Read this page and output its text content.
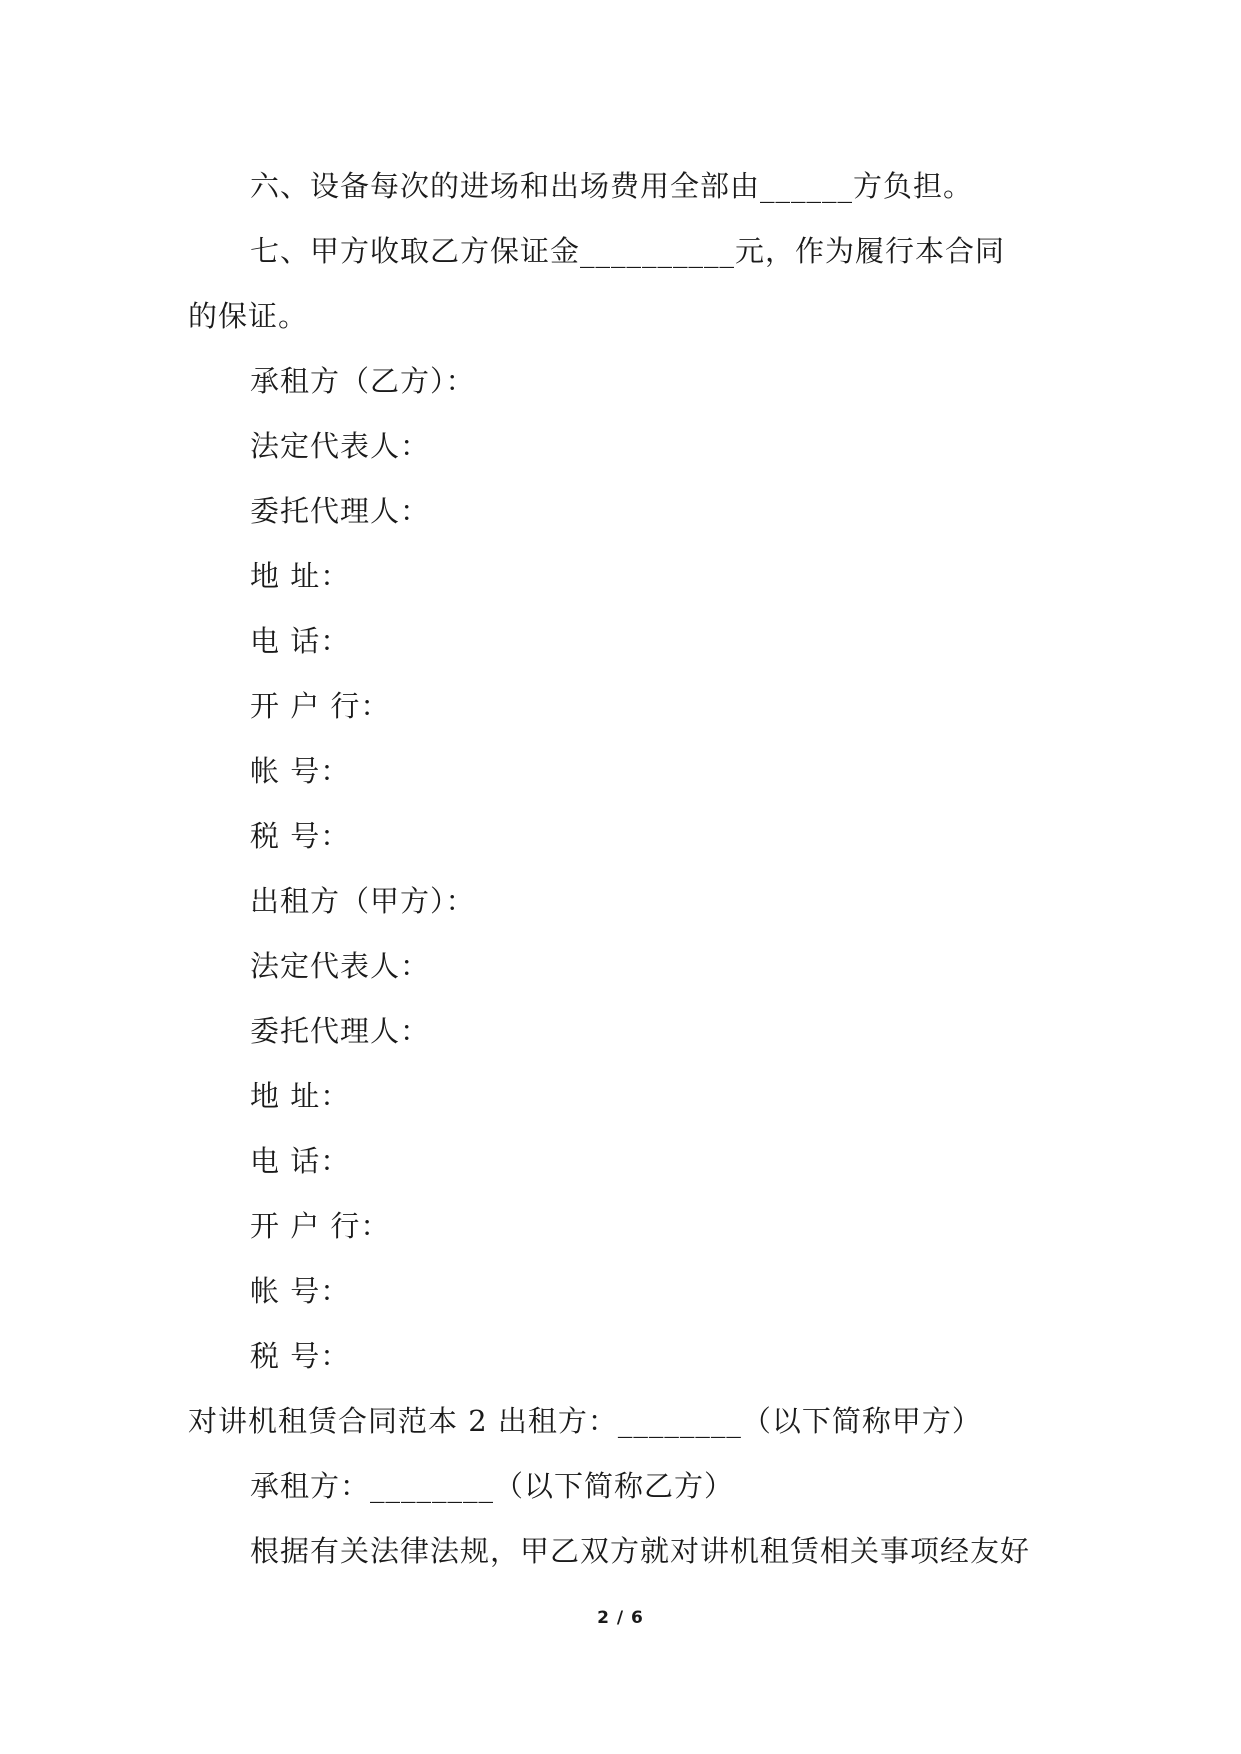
六、设备每次的进场和出场费用全部由______方负担。
七、甲方收取乙方保证金__________元，作为履行本合同
的保证。
承租方（乙方）：
法定代表人：
委托代理人：
地 址：
电 话：
开 户 行：
帐 号：
税 号：
出租方（甲方）：
法定代表人：
委托代理人：
地 址：
电 话：
开 户 行：
帐 号：
税 号：
对讲机租赁合同范本 2 出租方：________（以下简称甲方）
承租方：________（以下简称乙方）
根据有关法律法规，甲乙双方就对讲机租赁相关事项经友好
2 / 6
